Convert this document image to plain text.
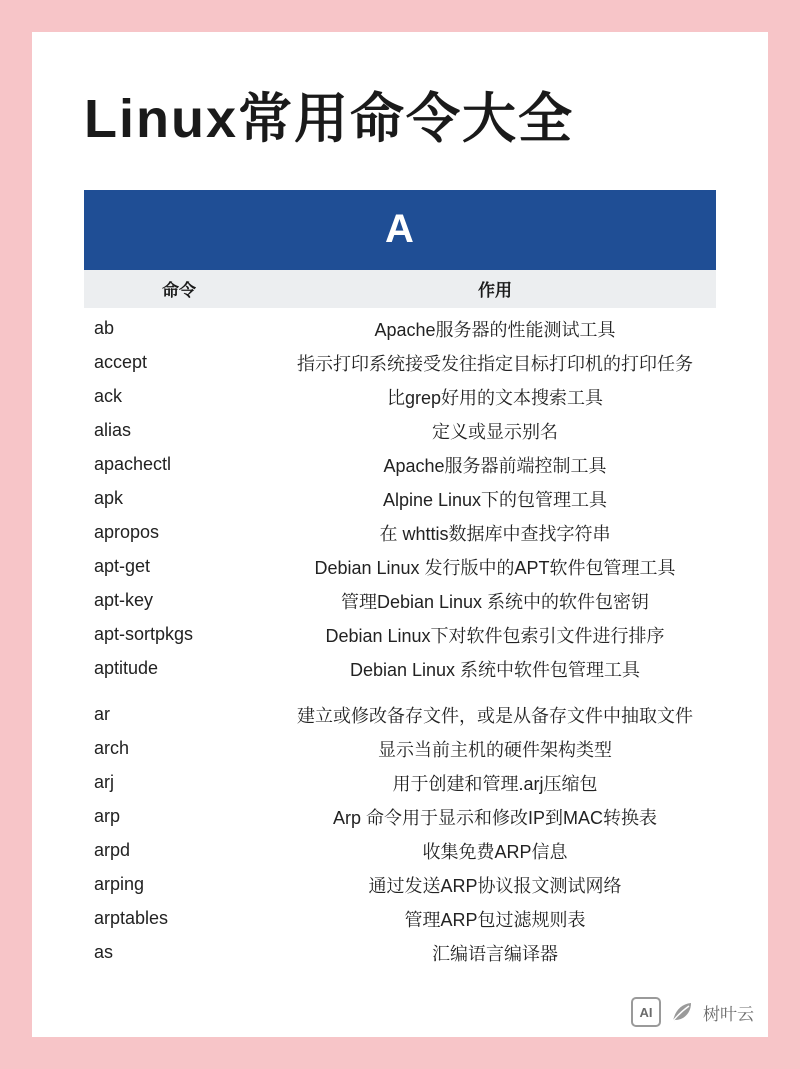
Linux常用命令大全
A
命令	作用
ab	Apache服务器的性能测试工具
accept	指示打印系统接受发往指定目标打印机的打印任务
ack	比grep好用的文本搜索工具
alias	定义或显示别名
apachectl	Apache服务器前端控制工具
apk	Alpine Linux下的包管理工具
apropos	在 whttis数据库中查找字符串
apt-get	Debian Linux 发行版中的APT软件包管理工具
apt-key	管理Debian Linux 系统中的软件包密钥
apt-sortpkgs	Debian Linux下对软件包索引文件进行排序
aptitude	Debian Linux 系统中软件包管理工具
ar	建立或修改备存文件，或是从备存文件中抽取文件
arch	显示当前主机的硬件架构类型
arj	用于创建和管理.arj压缩包
arp	Arp 命令用于显示和修改IP到MAC转换表
arpd	收集免费ARP信息
arping	通过发送ARP协议报文测试网络
arptables	管理ARP包过滤规则表
as	汇编语言编译器
AI	树叶云
